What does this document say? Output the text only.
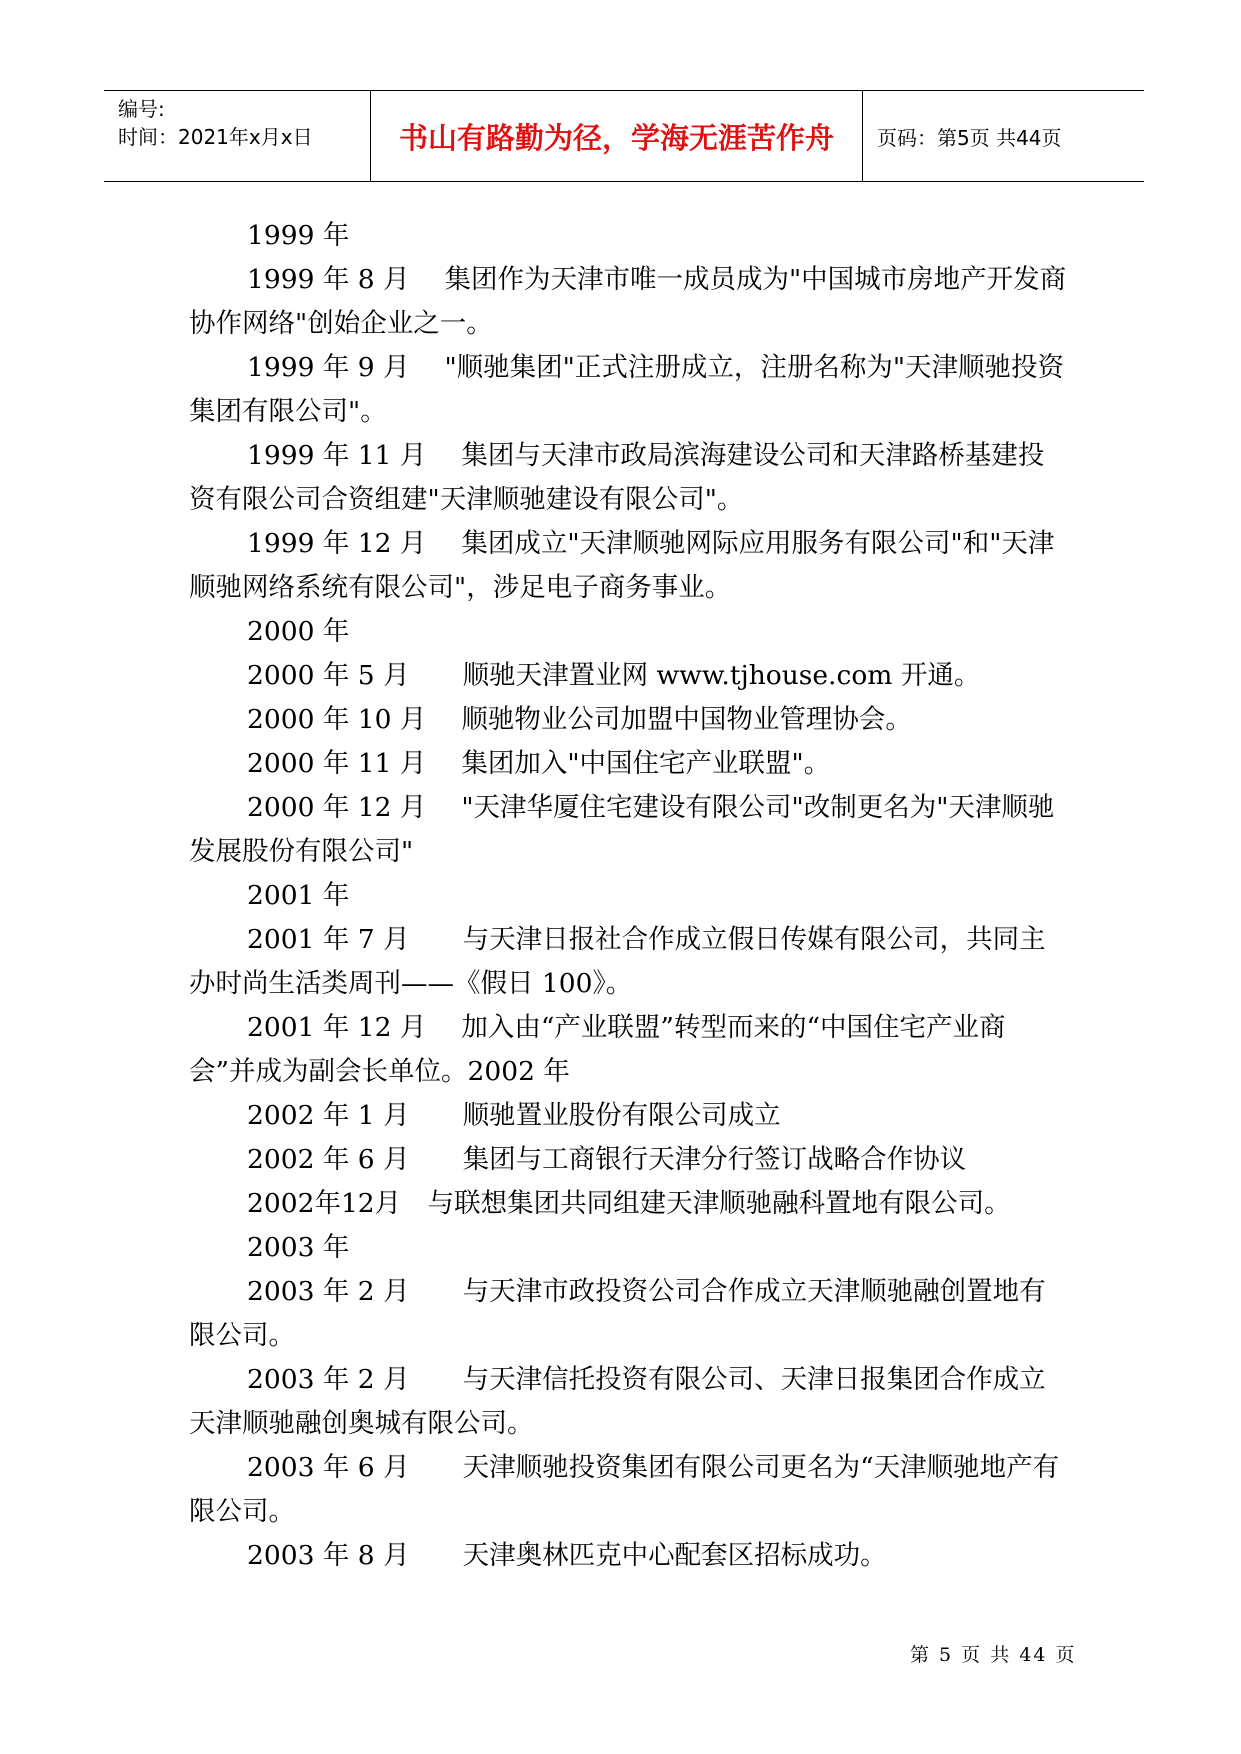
编号:
时间：2021年x月x日	书山有路勤为径，学海无涯苦作舟	页码：第5页 共44页

1999 年

1999 年 8 月　 集团作为天津市唯一成员成为"中国城市房地产开发商协作网络"创始企业之一。

1999 年 9 月　 "顺驰集团"正式注册成立，注册名称为"天津顺驰投资集团有限公司"。

1999 年 11 月　 集团与天津市政局滨海建设公司和天津路桥基建投资有限公司合资组建"天津顺驰建设有限公司"。

1999 年 12 月　 集团成立"天津顺驰网际应用服务有限公司"和"天津顺驰网络系统有限公司"，涉足电子商务事业。

2000 年

2000 年 5 月　　顺驰天津置业网 www.tjhouse.com 开通。

2000 年 10 月　 顺驰物业公司加盟中国物业管理协会。

2000 年 11 月　 集团加入"中国住宅产业联盟"。

2000 年 12 月　 "天津华厦住宅建设有限公司"改制更名为"天津顺驰发展股份有限公司"

2001 年

2001 年 7 月　　与天津日报社合作成立假日传媒有限公司，共同主办时尚生活类周刊——《假日 100》。

2001 年 12 月　 加入由“产业联盟”转型而来的“中国住宅产业商会”并成为副会长单位。2002 年

2002 年 1 月　　顺驰置业股份有限公司成立

2002 年 6 月　　集团与工商银行天津分行签订战略合作协议

2002年12月　与联想集团共同组建天津顺驰融科置地有限公司。

2003 年

2003 年 2 月　　与天津市政投资公司合作成立天津顺驰融创置地有限公司。

2003 年 2 月　　与天津信托投资有限公司、天津日报集团合作成立天津顺驰融创奥城有限公司。

2003 年 6 月　　天津顺驰投资集团有限公司更名为“天津顺驰地产有限公司。

2003 年 8 月　　天津奥林匹克中心配套区招标成功。

第 5 页 共 44 页
